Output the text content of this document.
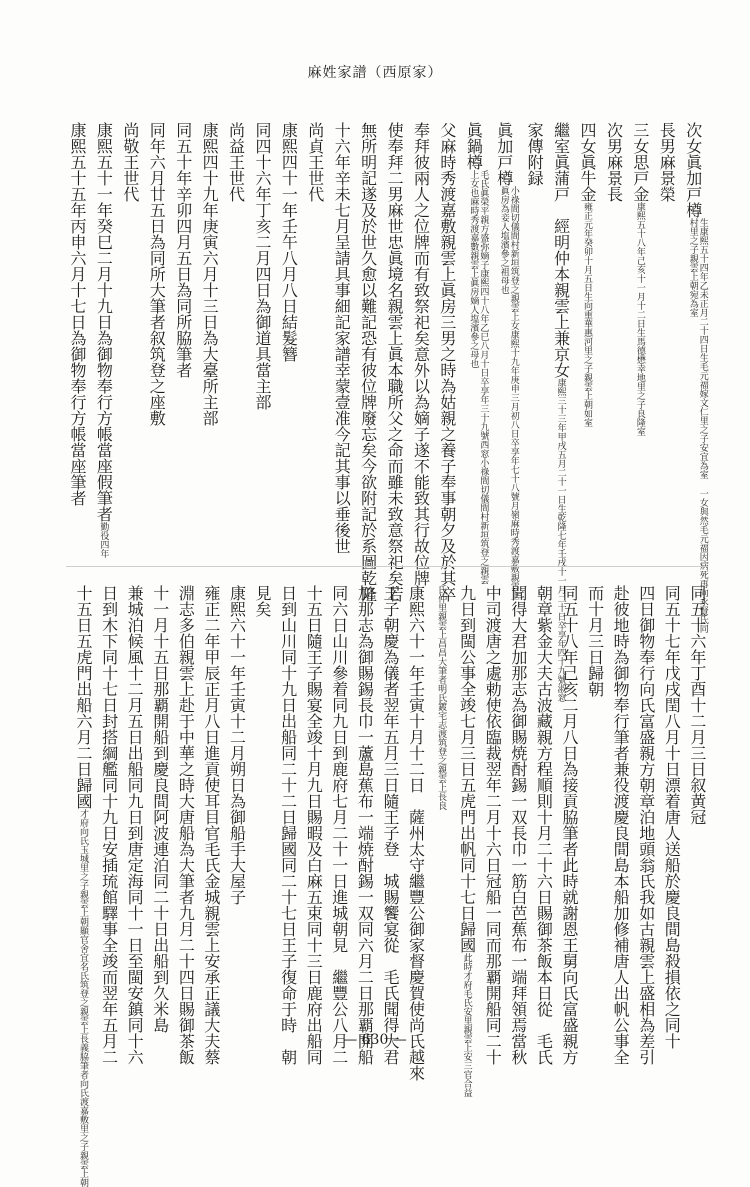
麻姓家譜（西原家）
次女眞加戸樽生康熙五十四年乙未正月二十四日生毛元福嫁文仁里之子安宜為室 一女與然毛元福因病死再向永賢氏同村里之子親雲上朝宛為室
長男麻景榮
三女思戸金康熙五十八年己亥十一月十二日生馬德懋幸地里之子良隆室
次男麻景長
四女眞牛金雍正元年癸卯十月五日生向重華惠河里之子親雲上朝如室
繼室眞蒲戸　經明仲本親雲上兼京女康熙三十三年甲戌五月二十一日生乾隆七年壬戌十一月二十日卒享年四十九號淑窓
家傳附録
眞加戸樽小祿間切儀間村新垣筑登之親雲上女康熙十九年庚申三月初八日卒享年七十八號月嶺麻時秀渡嘉敷親雲上眞房為妾人塩濱參之祖母也
眞鍋樽毛氏眞榮平親方盛弥嫡子康熙四十八年乙巳八月十日卒享年三十九號西窓小祿間切儀間村新垣筑登之親雲上女也麻時秀渡嘉數親雲上眞房嫡人塩濱參之母也
父麻時秀渡嘉敷親雲上眞房三男之時為姑親之養子奉事朝夕及於其卒
奉拜彼兩人之位牌而有致祭祀矣意外以為嫡子遂不能致其行故位牌
使奉拜二男麻世忠眞境名親雲上眞本職所父之命而雖未致意祭祀矣若
無所明記遂及於世久愈以難記恐有彼位牌廢忘矣今欲附記於系圖乾隆
十六年辛未七月呈請具事細記家譜幸蒙壹准今記其事以垂後世
尚貞王世代
康熙四十一年壬午八月八日結髮簪
同四十六年丁亥二月四日為御道具當主部
尚益王世代
康熙四十九年庚寅六月十三日為大臺所主部
同五十年辛卯四月五日為同所脇筆者
同年六月廿五日為同所大筆者叙筑登之座敷
尚敬王世代
康熙五十一年癸巳二月十九日為御物奉行方帳當座假筆者勤役四年
康熙五十五年丙申六月十七日為御物奉行方帳當座筆者
同五十六年丁酉十二月三日叙黄冠
同五十七年戊戌閏八月十日漂着唐人送船於慶良間島殺損依之同十
四日御物奉行向氏富盛親方朝章泊地頭翁氏我如古親雲上盛相為差引
赴彼地時為御物奉行筆者兼役渡慶良間島本船加修補唐人出帆公事全
而十月三日歸朝
同五十八年己亥二月八日為接貢脇筆者此時就謝恩王舅向氏富盛親方
朝章紫金大夫古波藏親方程順則十月二十六日賜御茶飯本日從　毛氏
聞得大君加那志為御賜焼酎錫一双長巾一筋白芭蕉布一端拜領焉當秋
中司渡唐之處勅使依臨裁翌年二月十六日冠船一同而那覇開船同二十
九日到閩公事全竣七月三日五虎門出帆同十七日歸國此時才府毛氏安里親雲上安三官合益
氏仲里親雲上昌昌大筆者明氏鍍宅志渡筑登之親雲上長良
康熙六十一年壬寅十月十二日　薩州太守繼豐公御家督慶賀使尚氏越來
王子朝慶為儀者翌年五月三日隨王子登　城賜饗宴從　毛氏聞得大君
加那志為御賜錫長巾一蘆島蕉布一端焼酎錫一双同六月二日那覇開船
同六日山川參着同九日到鹿府七月二十一日進城朝見　繼豐公八月二
十五日隨王子賜宴全竣十月九日賜暇及白麻五束同十三日鹿府出船同
日到山川同十九日出船同二十二日歸國同二十七日王子復命于時　朝
見矣
康熙六十一年壬寅十二月朔日為御船手大屋子
雍正二年甲辰正月八日進貢使耳目官毛氏金城親雲上安承正議大夫蔡
淵志多伯親雲上赴于中華之時大唐船為大筆者九月二十四日賜御茶飯
十一月十五日那覇開船到慶良間阿波連泊同二十日出船到久米島
兼城泊候風十二月五日出船同九日到唐定海同十一日至閩安鎮同十六
日到木下同十七日封搭綱艦同十九日安插琉館驛事全竣而翌年五月二
十五日五虎門出船六月二日歸國才府向氏玉城里之子親雲上朝顯官舍宜名氏筑登之親雲上長義脇筆者向氏渡嘉敷里之子親雲上朝	— 630 —
